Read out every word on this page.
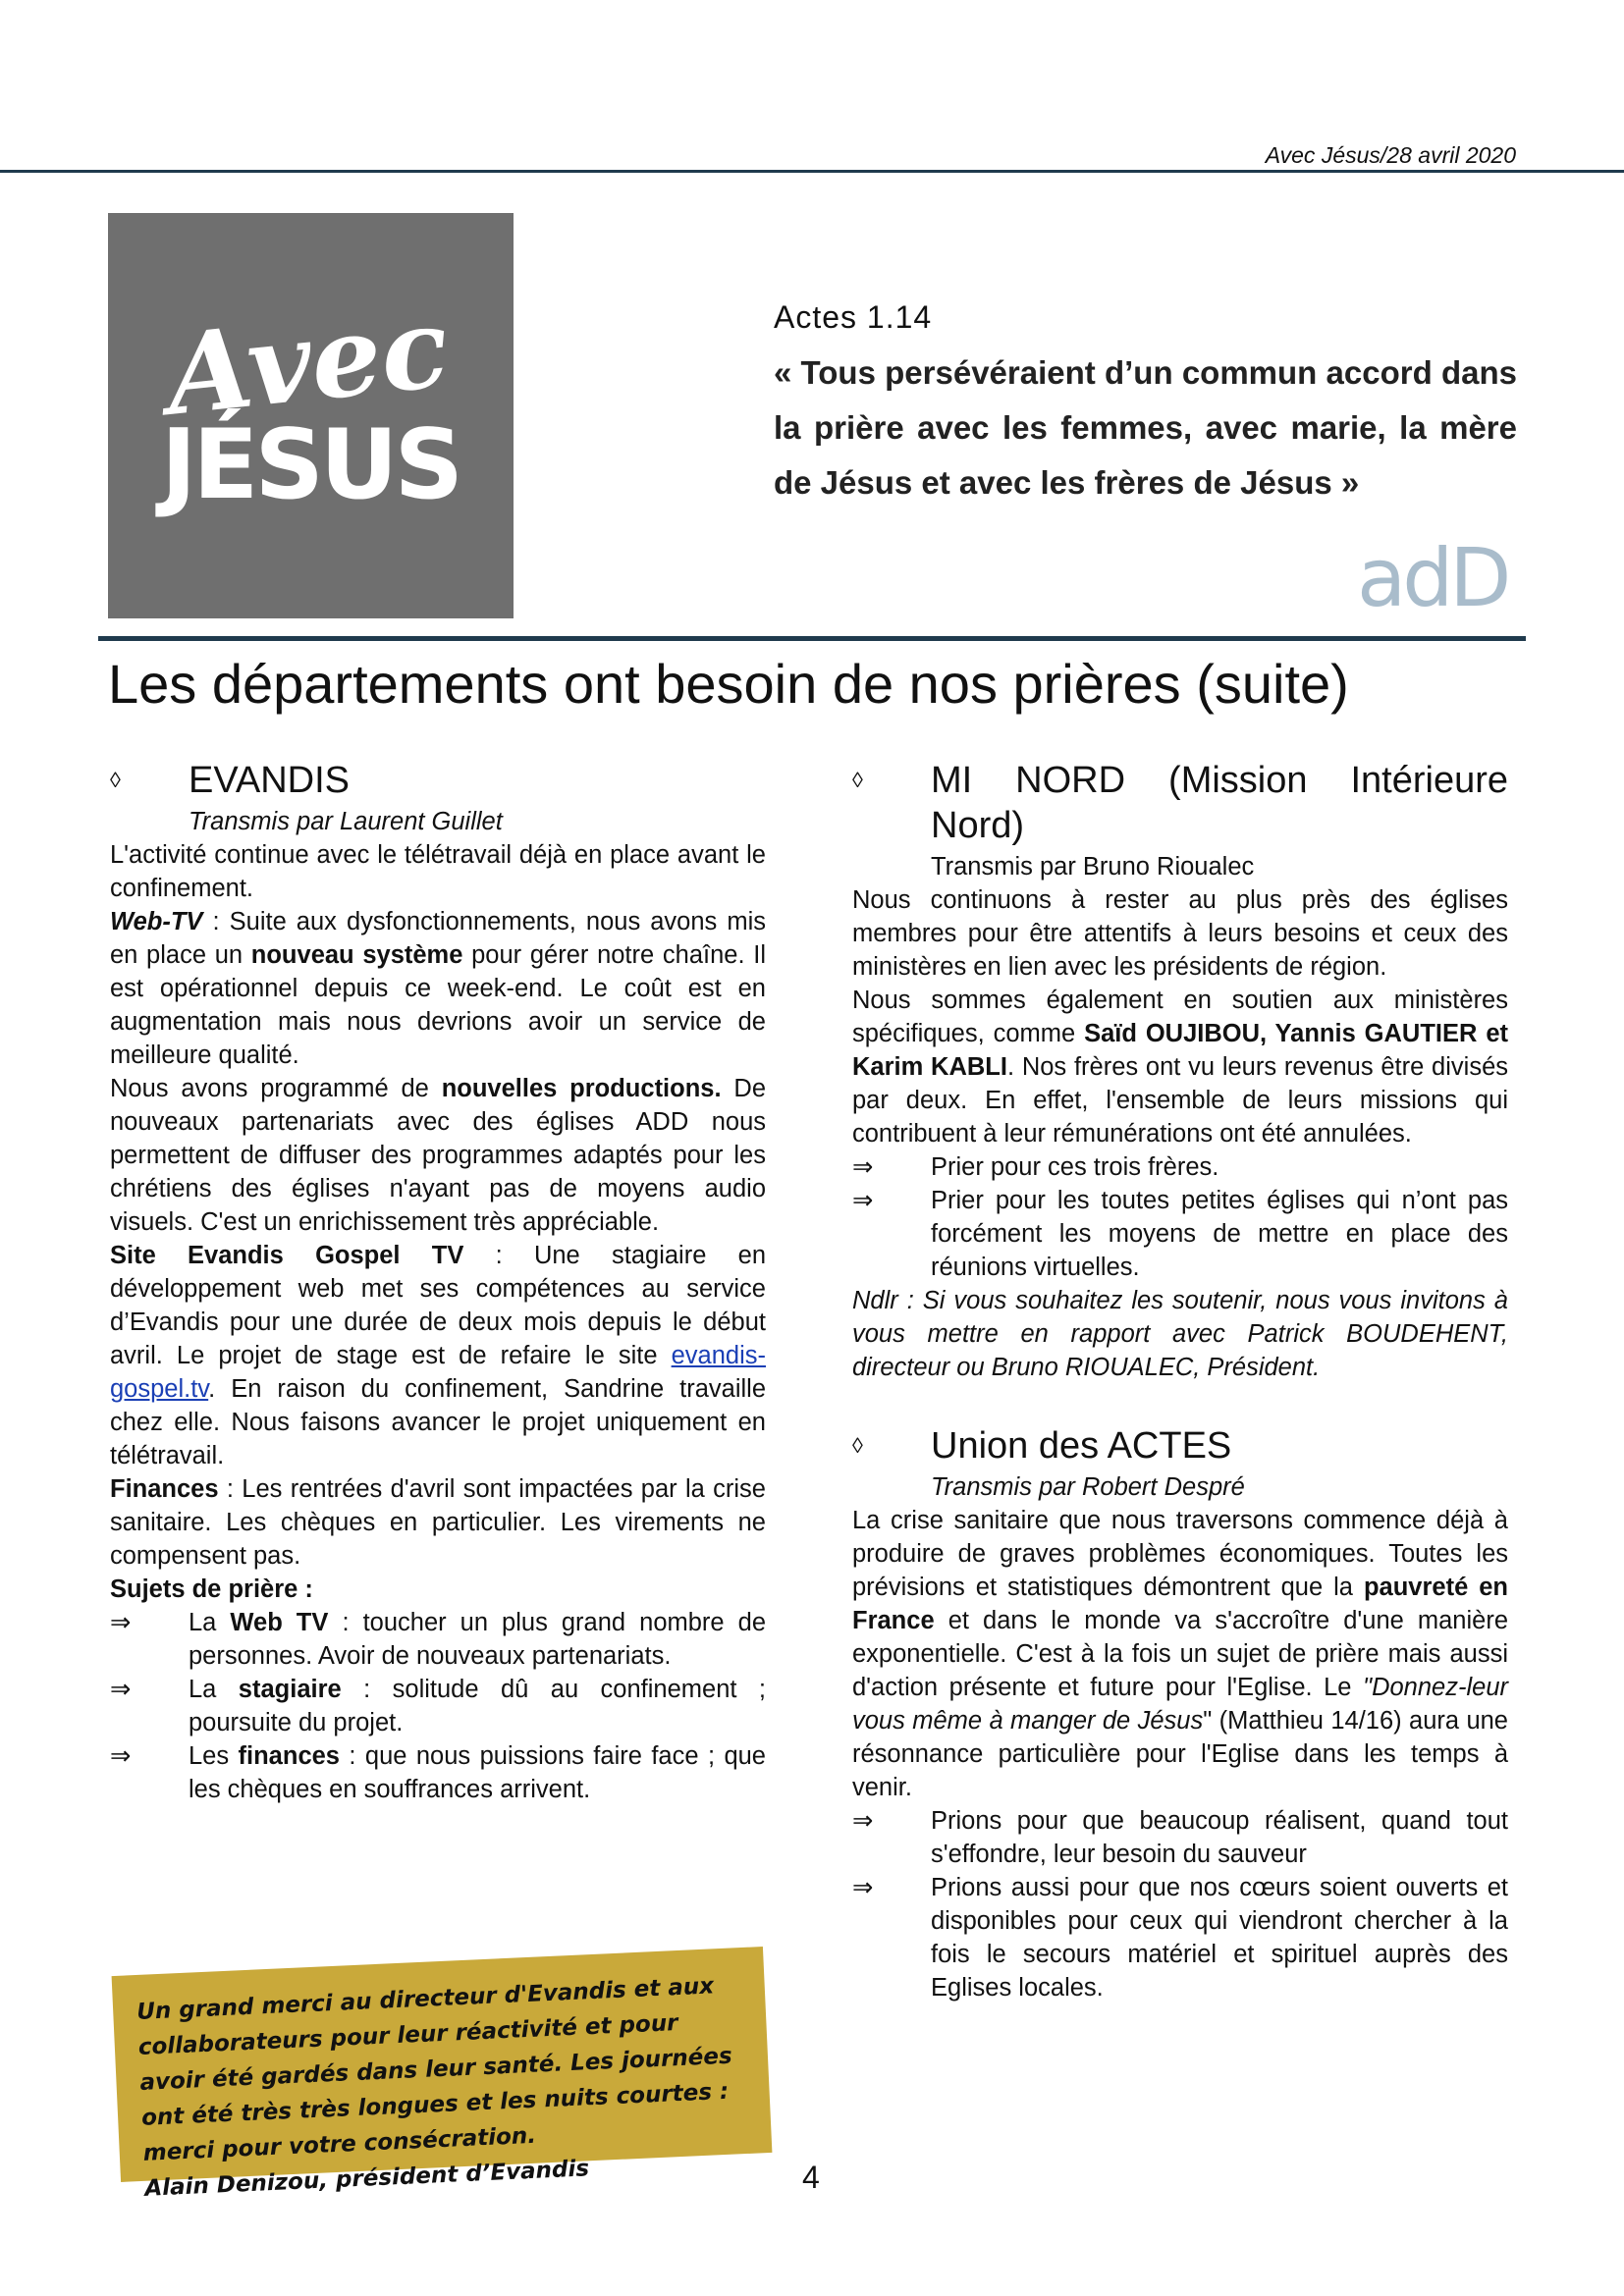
Avec Jésus/28 avril 2020
Avec
JÉSUS
Actes 1.14
« Tous persévéraient d’un commun accord dans la prière avec les femmes, avec marie, la mère de Jésus et avec les frères de Jésus »
adD
Les départements ont besoin de nos prières (suite)
◊	EVANDIS
Transmis par Laurent Guillet

L'activité continue avec le télétravail déjà en place avant le confinement.

Web-TV : Suite aux dysfonctionnements, nous avons mis en place un nouveau système pour gérer notre chaîne. Il est opérationnel depuis ce week-end. Le coût est en augmentation mais nous devrions avoir un service de meilleure qualité.

Nous avons programmé de nouvelles productions. De nouveaux partenariats avec des églises ADD nous permettent de diffuser des programmes adaptés pour les chrétiens des églises n'ayant pas de moyens audio visuels. C'est un enrichissement très appréciable.

Site Evandis Gospel TV : Une stagiaire en développement web met ses compétences au service d’Evandis pour une durée de deux mois depuis le début avril. Le projet de stage est de refaire le site evandis-gospel.tv. En raison du confinement, Sandrine travaille chez elle. Nous faisons avancer le projet uniquement en télétravail.

Finances : Les rentrées d'avril sont impactées par la crise sanitaire. Les chèques en particulier. Les virements ne compensent pas.

Sujets de prière :

⇒	La Web TV : toucher un plus grand nombre de personnes. Avoir de nouveaux partenariats.
⇒	La stagiaire : solitude dû au confinement ; poursuite du projet.
⇒	Les finances : que nous puissions faire face ; que les chèques en souffrances arrivent.
Un grand merci au directeur d'Evandis et aux collaborateurs pour leur réactivité et pour avoir été gardés dans leur santé. Les journées ont été très très longues et les nuits courtes : merci pour votre consécration.
Alain Denizou, président d’Evandis
◊	MI NORD (Mission Intérieure Nord)
Transmis par Bruno Rioualec

Nous continuons à rester au plus près des églises membres pour être attentifs à leurs besoins et ceux des ministères en lien avec les présidents de région.

Nous sommes également en soutien aux ministères spécifiques, comme Saïd OUJIBOU, Yannis GAUTIER et Karim KABLI. Nos frères ont vu leurs revenus être divisés par deux. En effet, l'ensemble de leurs missions qui contribuent à leur rémunérations ont été annulées.

⇒	Prier pour ces trois frères.
⇒	Prier pour les toutes petites églises qui n’ont pas forcément les moyens de mettre en place des réunions virtuelles.

Ndlr : Si vous souhaitez les soutenir, nous vous invitons à vous mettre en rapport avec Patrick BOUDEHENT, directeur ou Bruno RIOUALEC, Président.

◊	Union des ACTES
Transmis par Robert Despré

La crise sanitaire que nous traversons commence déjà à produire de graves problèmes économiques. Toutes les prévisions et statistiques démontrent que la pauvreté en France et dans le monde va s'accroître d'une manière exponentielle. C'est à la fois un sujet de prière mais aussi d'action présente et future pour l'Eglise. Le "Donnez-leur vous même à manger de Jésus" (Matthieu 14/16) aura une résonnance particulière pour l'Eglise dans les temps à venir.

⇒	Prions pour que beaucoup réalisent, quand tout s'effondre, leur besoin du sauveur
⇒	Prions aussi pour que nos cœurs soient ouverts et disponibles pour ceux qui viendront chercher à la fois le secours matériel et spirituel auprès des Eglises locales.
4
